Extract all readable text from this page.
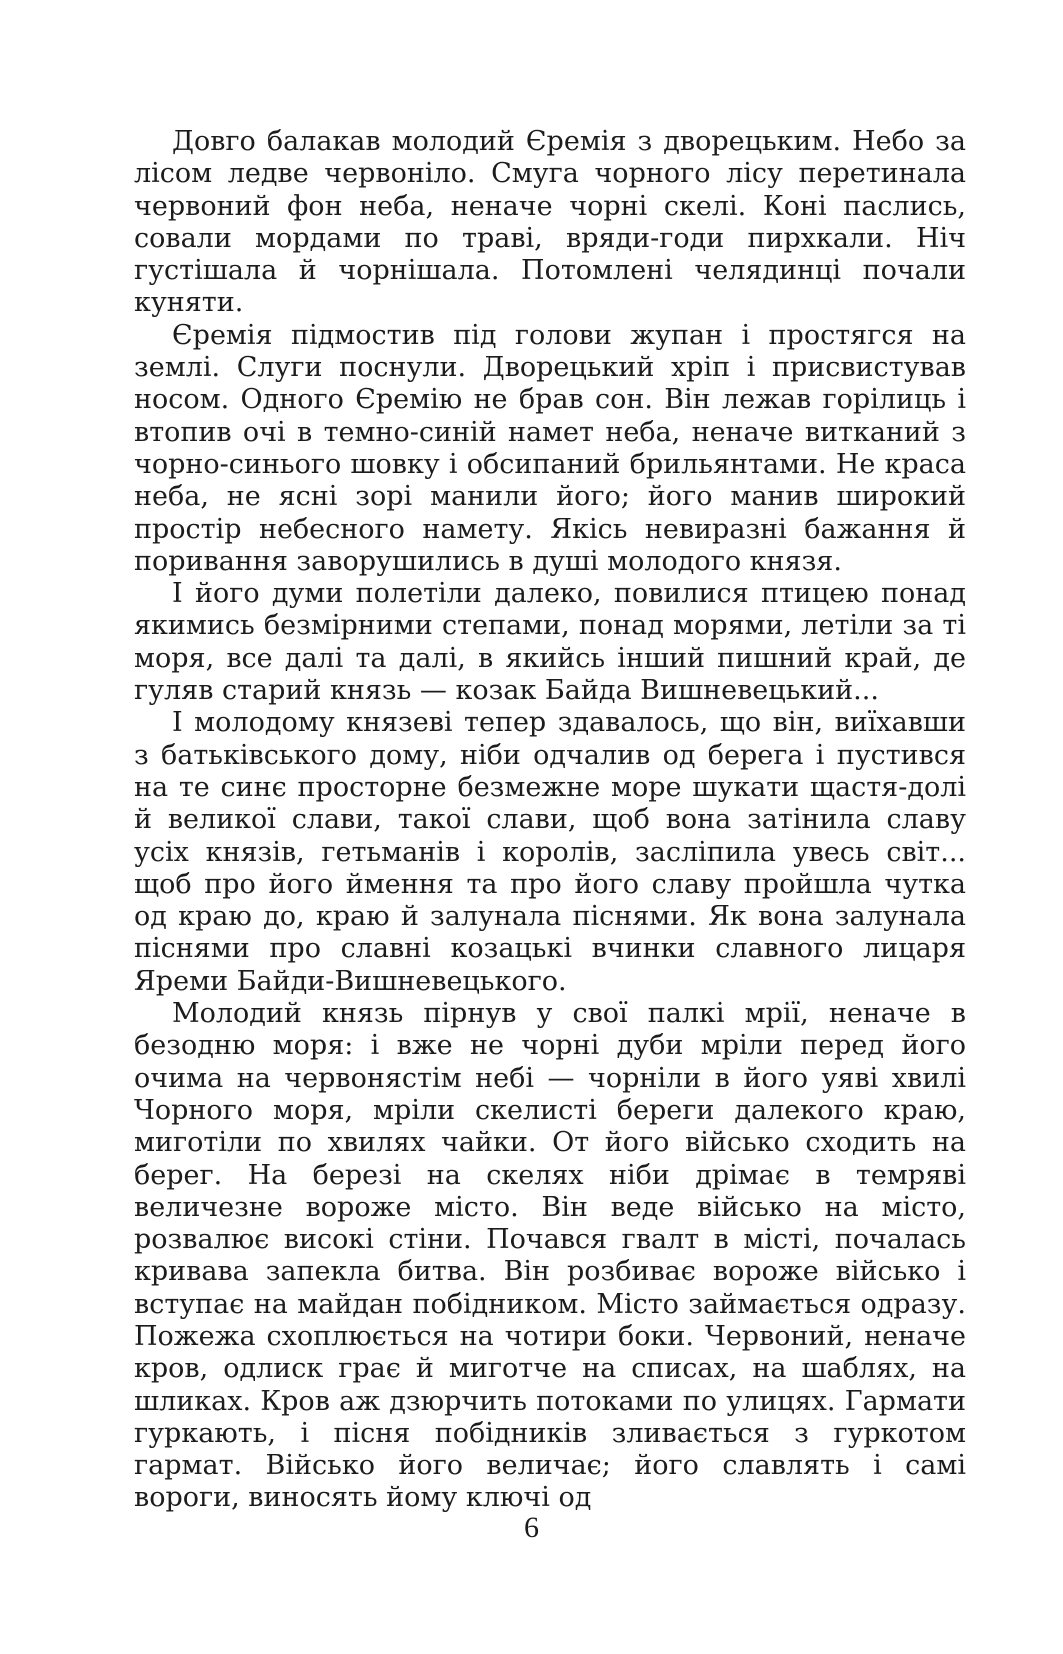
Довго балакав молодий Єремія з дворецьким. Небо за лісом ледве червоніло. Смуга чорного лісу перетинала червоний фон неба, неначе чорні скелі. Коні паслись, совали мордами по траві, вряди-годи пирхкали. Ніч густішала й чорнішала. Потомлені челядинці почали куняти.

Єремія підмостив під голови жупан і простягся на землі. Слуги поснули. Дворецький хріп і присвистував носом. Одного Єремію не брав сон. Він лежав горілиць і втопив очі в темно-синій намет неба, неначе витканий з чорно-синього шовку і обсипаний брильянтами. Не краса неба, не ясні зорі манили його; його манив широкий простір небесного намету. Якісь невиразні бажання й поривання заворушились в душі молодого князя.

І його думи полетіли далеко, повилися птицею понад якимись безмірними степами, понад морями, летіли за ті моря, все далі та далі, в якийсь інший пишний край, де гуляв старий князь — козак Байда Вишневецький...

І молодому князеві тепер здавалось, що він, виїхавши з батьківського дому, ніби одчалив од берега і пустився на те синє просторне безмежне море шукати щастя-долі й великої слави, такої слави, щоб вона затінила славу усіх князів, гетьманів і королів, засліпила увесь світ... щоб про його ймення та про його славу пройшла чутка од краю до, краю й залунала піснями. Як вона залунала піснями про славні козацькі вчинки славного лицаря Яреми Байди-Вишневецького.

Молодий князь пірнув у свої палкі мрії, неначе в безодню моря: і вже не чорні дуби мріли перед його очима на червонястім небі — чорніли в його уяві хвилі Чорного моря, мріли скелисті береги далекого краю, миготіли по хвилях чайки. От його військо сходить на берег. На березі на скелях ніби дрімає в темряві величезне вороже місто. Він веде військо на місто, розвалює високі стіни. Почався гвалт в місті, почалась кривава запекла битва. Він розбиває вороже військо і вступає на майдан побідником. Місто займається одразу. Пожежа схоплюється на чотири боки. Червоний, неначе кров, одлиск грає й миготче на списах, на шаблях, на шликах. Кров аж дзюрчить потоками по улицях. Гармати гуркають, і пісня побідників зливається з гуркотом гармат. Військо його величає; його славлять і самі вороги, виносять йому ключі од

6
